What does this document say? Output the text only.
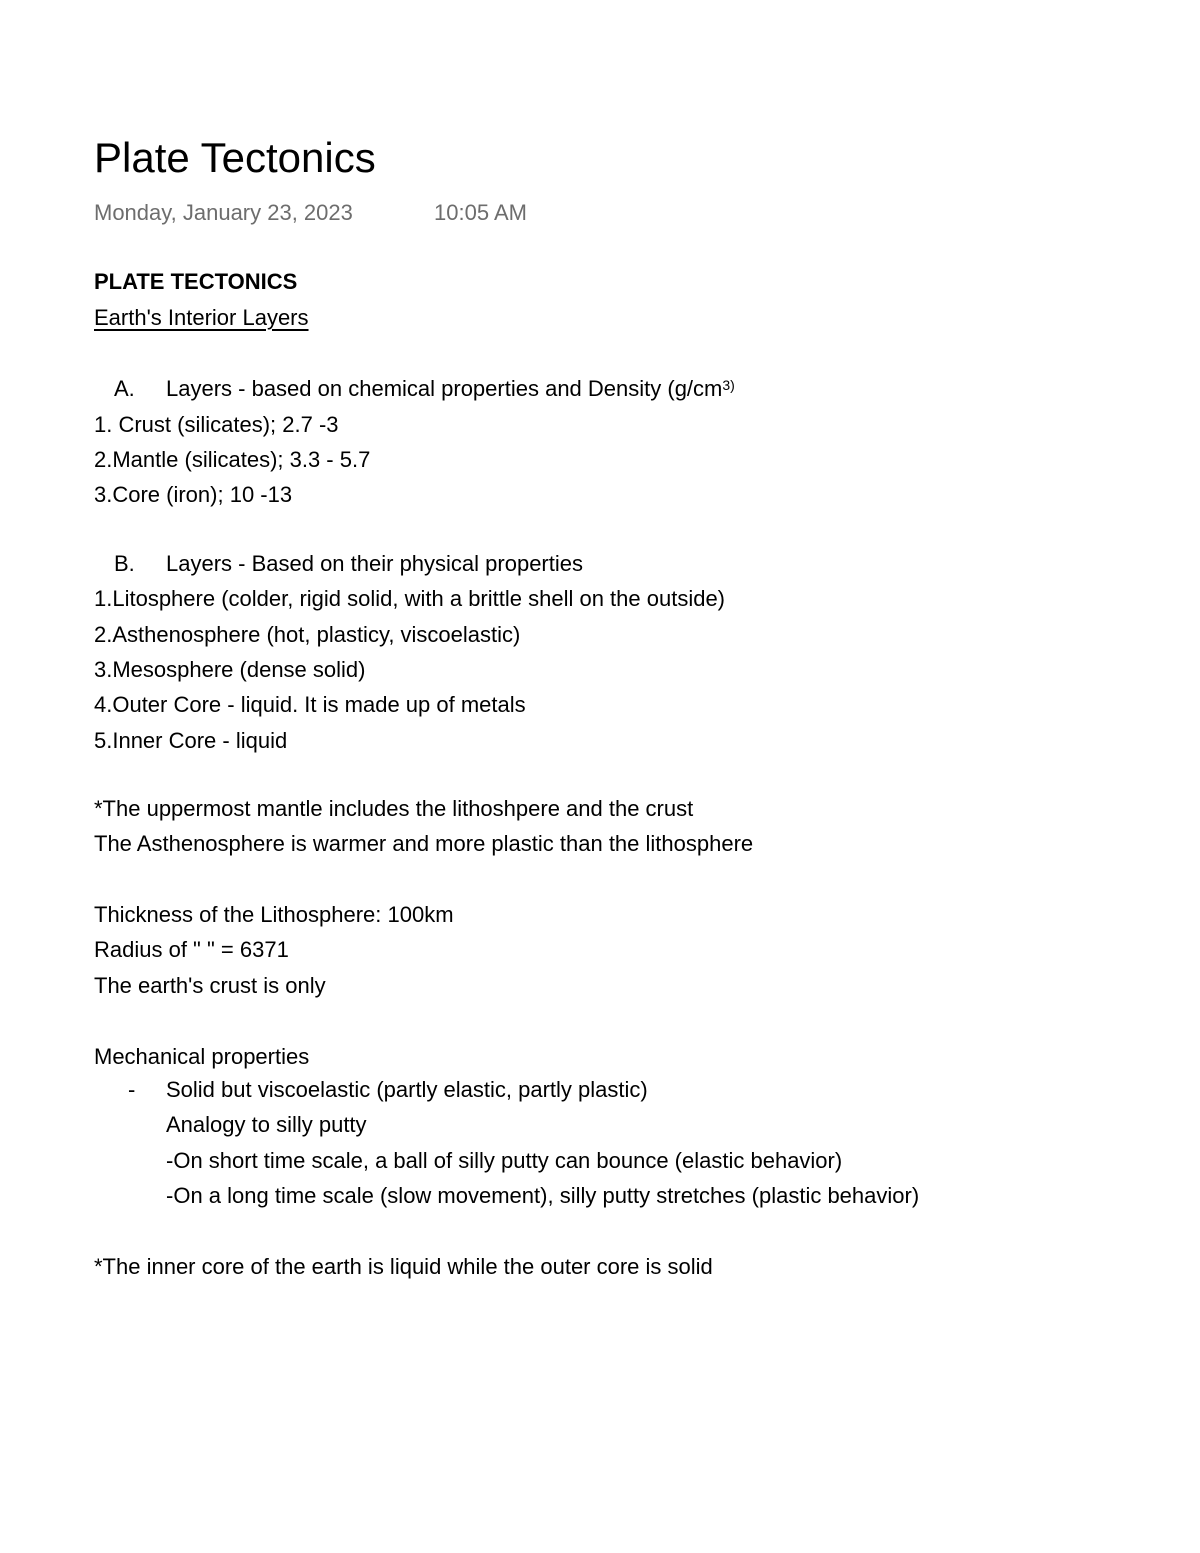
Plate Tectonics
Monday, January 23, 2023	10:05 AM
PLATE TECTONICS
Earth's Interior Layers
A. Layers - based on chemical properties and Density ($g/cm^{3)}$
1. Crust (silicates); 2.7 -3
2.Mantle (silicates); 3.3 - 5.7
3.Core (iron); 10 -13
B. Layers - Based on their physical properties
1.Litosphere (colder, rigid solid, with a brittle shell on the outside)
2.Asthenosphere (hot, plasticy, viscoelastic)
3.Mesosphere (dense solid)
4.Outer Core - liquid. It is made up of metals
5.Inner Core - liquid
*The uppermost mantle includes the lithoshpere and the crust
The Asthenosphere is warmer and more plastic than the lithosphere
Thickness of the Lithosphere: 100km
Radius of " " = 6371
The earth's crust is only
Mechanical properties
- Solid but viscoelastic (partly elastic, partly plastic)
Analogy to silly putty
-On short time scale, a ball of silly putty can bounce (elastic behavior)
-On a long time scale (slow movement), silly putty stretches (plastic behavior)
*The inner core of the earth is liquid while the outer core is solid
